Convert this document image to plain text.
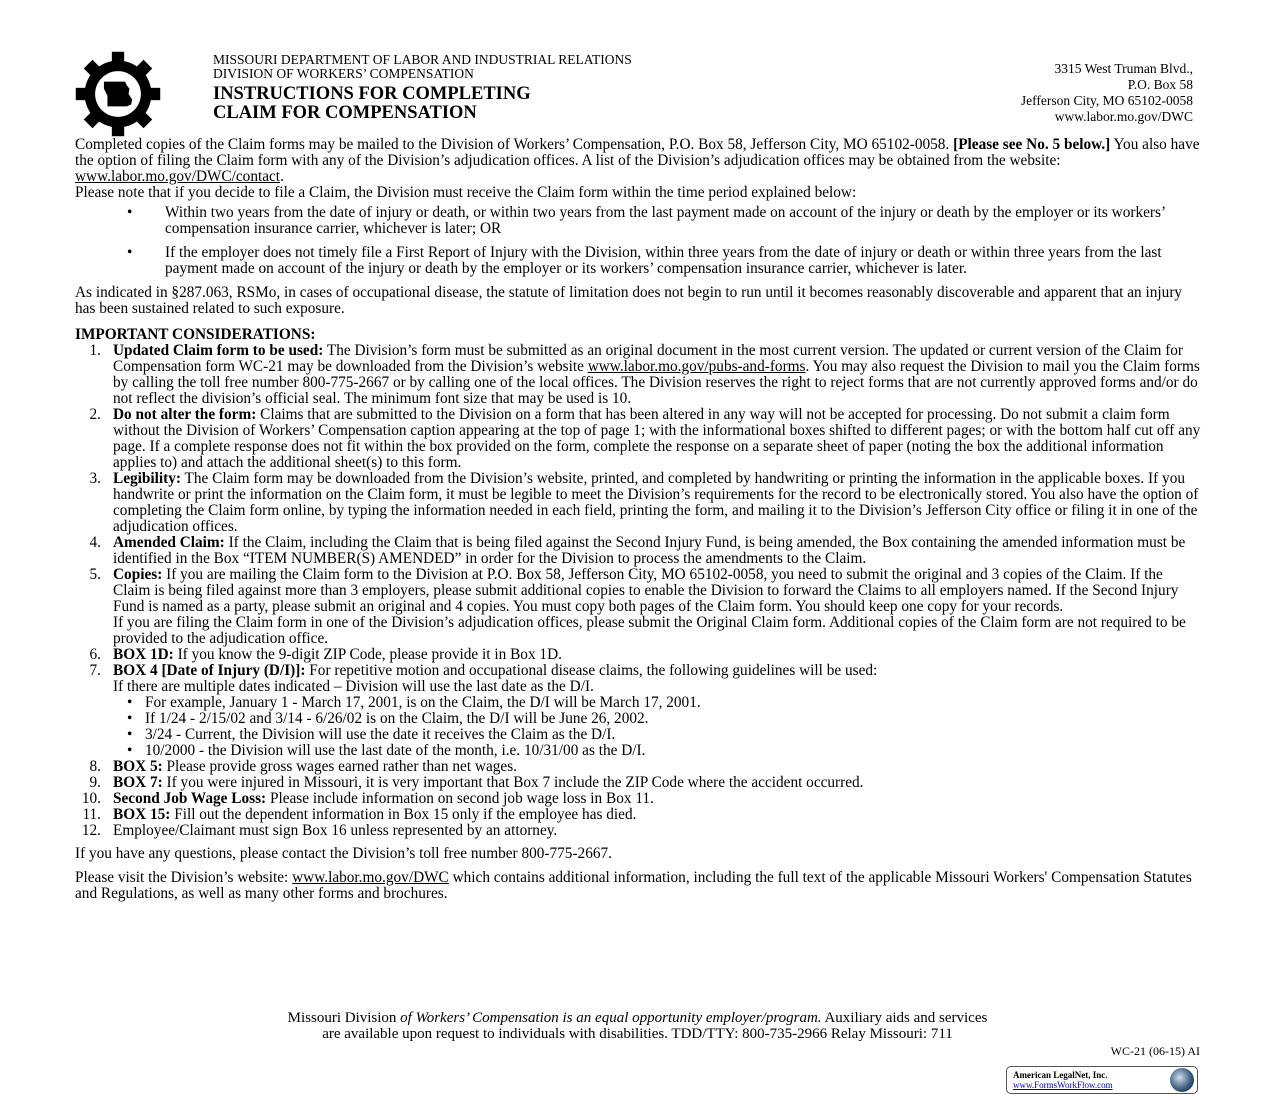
MISSOURI DEPARTMENT OF LABOR AND INDUSTRIAL RELATIONS
DIVISION OF WORKERS’ COMPENSATION
INSTRUCTIONS FOR COMPLETING
CLAIM FOR COMPENSATION
3315 West Truman Blvd.,
P.O. Box 58
Jefferson City, MO 65102-0058
www.labor.mo.gov/DWC

Completed copies of the Claim forms may be mailed to the Division of Workers’ Compensation, P.O. Box 58, Jefferson City, MO 65102-0058. [Please see No. 5 below.] You also have the option of filing the Claim form with any of the Division’s adjudication offices. A list of the Division’s adjudication offices may be obtained from the website: www.labor.mo.gov/DWC/contact.

Please note that if you decide to file a Claim, the Division must receive the Claim form within the time period explained below:

• Within two years from the date of injury or death, or within two years from the last payment made on account of the injury or death by the employer or its workers’ compensation insurance carrier, whichever is later; OR
• If the employer does not timely file a First Report of Injury with the Division, within three years from the date of injury or death or within three years from the last payment made on account of the injury or death by the employer or its workers’ compensation insurance carrier, whichever is later.

As indicated in §287.063, RSMo, in cases of occupational disease, the statute of limitation does not begin to run until it becomes reasonably discoverable and apparent that an injury has been sustained related to such exposure.

IMPORTANT CONSIDERATIONS:

1. Updated Claim form to be used: The Division’s form must be submitted as an original document in the most current version. The updated or current version of the Claim for Compensation form WC-21 may be downloaded from the Division’s website www.labor.mo.gov/pubs-and-forms. You may also request the Division to mail you the Claim forms by calling the toll free number 800-775-2667 or by calling one of the local offices. The Division reserves the right to reject forms that are not currently approved forms and/or do not reflect the division’s official seal. The minimum font size that may be used is 10.
2. Do not alter the form: Claims that are submitted to the Division on a form that has been altered in any way will not be accepted for processing. Do not submit a claim form without the Division of Workers’ Compensation caption appearing at the top of page 1; with the informational boxes shifted to different pages; or with the bottom half cut off any page. If a complete response does not fit within the box provided on the form, complete the response on a separate sheet of paper (noting the box the additional information applies to) and attach the additional sheet(s) to this form.
3. Legibility: The Claim form may be downloaded from the Division’s website, printed, and completed by handwriting or printing the information in the applicable boxes. If you handwrite or print the information on the Claim form, it must be legible to meet the Division’s requirements for the record to be electronically stored. You also have the option of completing the Claim form online, by typing the information needed in each field, printing the form, and mailing it to the Division’s Jefferson City office or filing it in one of the adjudication offices.
4. Amended Claim: If the Claim, including the Claim that is being filed against the Second Injury Fund, is being amended, the Box containing the amended information must be identified in the Box “ITEM NUMBER(S) AMENDED” in order for the Division to process the amendments to the Claim.
5. Copies: If you are mailing the Claim form to the Division at P.O. Box 58, Jefferson City, MO 65102-0058, you need to submit the original and 3 copies of the Claim. If the Claim is being filed against more than 3 employers, please submit additional copies to enable the Division to forward the Claims to all employers named. If the Second Injury Fund is named as a party, please submit an original and 4 copies. You must copy both pages of the Claim form. You should keep one copy for your records.
If you are filing the Claim form in one of the Division’s adjudication offices, please submit the Original Claim form. Additional copies of the Claim form are not required to be provided to the adjudication office.
6. BOX 1D: If you know the 9-digit ZIP Code, please provide it in Box 1D.
7. BOX 4 [Date of Injury (D/I)]: For repetitive motion and occupational disease claims, the following guidelines will be used:
If there are multiple dates indicated – Division will use the last date as the D/I.
• For example, January 1 - March 17, 2001, is on the Claim, the D/I will be March 17, 2001.
• If 1/24 - 2/15/02 and 3/14 - 6/26/02 is on the Claim, the D/I will be June 26, 2002.
• 3/24 - Current, the Division will use the date it receives the Claim as the D/I.
• 10/2000 - the Division will use the last date of the month, i.e. 10/31/00 as the D/I.
8. BOX 5: Please provide gross wages earned rather than net wages.
9. BOX 7: If you were injured in Missouri, it is very important that Box 7 include the ZIP Code where the accident occurred.
10. Second Job Wage Loss: Please include information on second job wage loss in Box 11.
11. BOX 15: Fill out the dependent information in Box 15 only if the employee has died.
12. Employee/Claimant must sign Box 16 unless represented by an attorney.

If you have any questions, please contact the Division’s toll free number 800-775-2667.

Please visit the Division’s website: www.labor.mo.gov/DWC which contains additional information, including the full text of the applicable Missouri Workers' Compensation Statutes and Regulations, as well as many other forms and brochures.

Missouri Division of Workers’ Compensation is an equal opportunity employer/program. Auxiliary aids and services
are available upon request to individuals with disabilities. TDD/TTY: 800-735-2966 Relay Missouri: 711
WC-21 (06-15) AI
American LegalNet, Inc.
www.FormsWorkFlow.com
